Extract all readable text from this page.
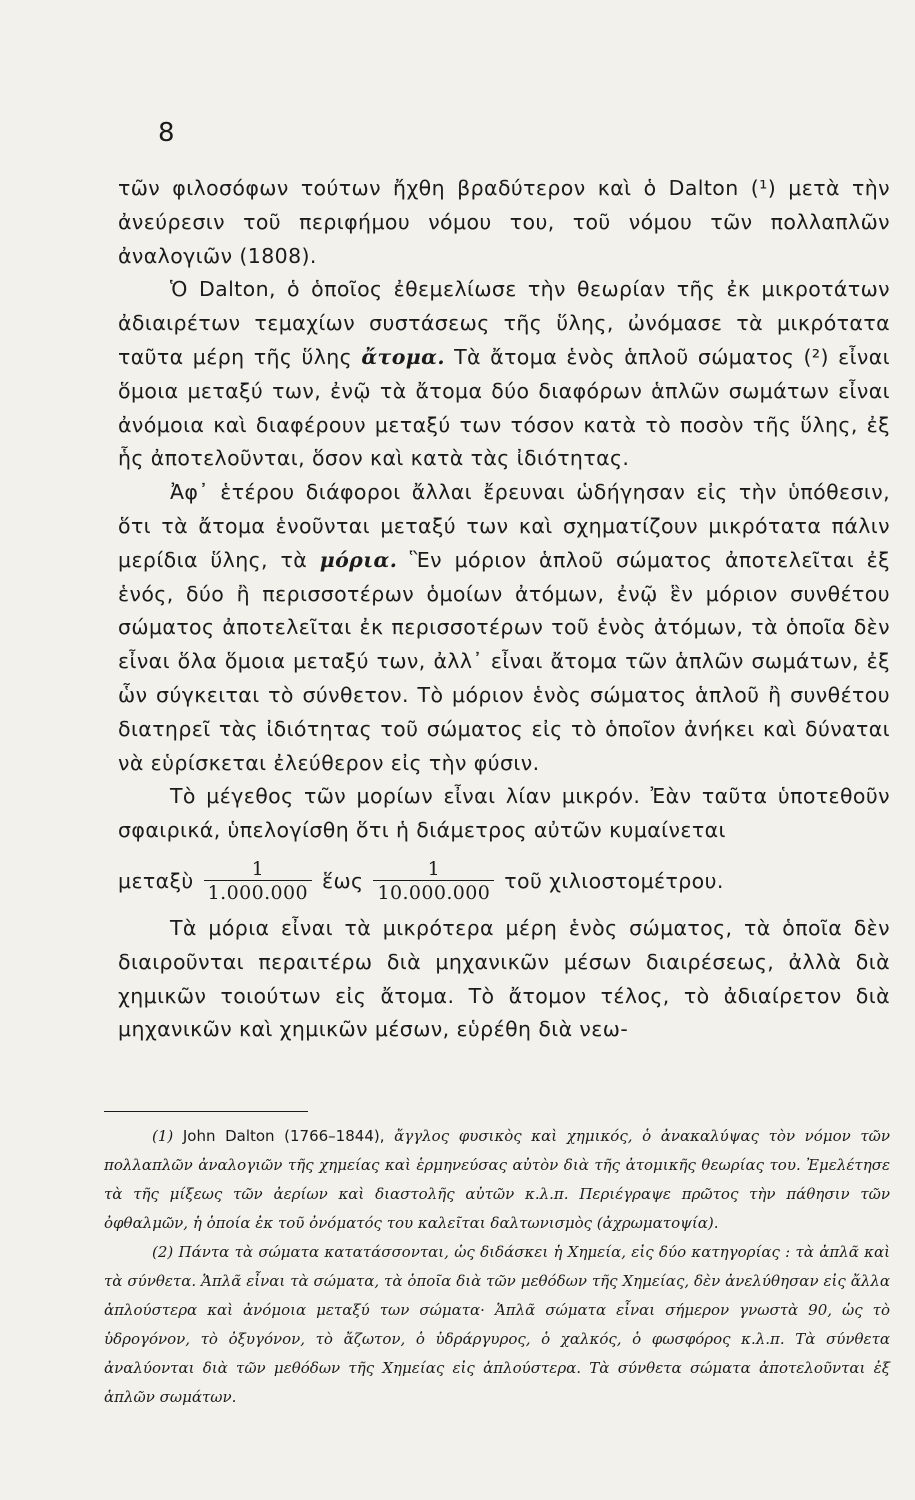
8

τῶν φιλοσόφων τούτων ἤχθη βραδύτερον καὶ ὁ Dalton (¹) μετὰ τὴν ἀνεύρεσιν τοῦ περιφήμου νόμου του, τοῦ νόμου τῶν πολλαπλῶν ἀναλογιῶν (1808).

Ὁ Dalton, ὁ ὁποῖος ἐθεμελίωσε τὴν θεωρίαν τῆς ἐκ μικροτάτων ἀδιαιρέτων τεμαχίων συστάσεως τῆς ὕλης, ὠνόμασε τὰ μικρότατα ταῦτα μέρη τῆς ὕλης ἄτομα. Τὰ ἄτομα ἑνὸς ἁπλοῦ σώματος (²) εἶναι ὅμοια μεταξύ των, ἐνῷ τὰ ἄτομα δύο διαφόρων ἁπλῶν σωμάτων εἶναι ἀνόμοια καὶ διαφέρουν μεταξύ των τόσον κατὰ τὸ ποσὸν τῆς ὕλης, ἐξ ἧς ἀποτελοῦνται, ὅσον καὶ κατὰ τὰς ἰδιότητας.

Ἀφ᾽ ἑτέρου διάφοροι ἄλλαι ἔρευναι ὡδήγησαν εἰς τὴν ὑπόθεσιν, ὅτι τὰ ἄτομα ἑνοῦνται μεταξύ των καὶ σχηματίζουν μικρότατα πάλιν μερίδια ὕλης, τὰ μόρια. Ἓν μόριον ἁπλοῦ σώματος ἀποτελεῖται ἐξ ἑνός, δύο ἢ περισσοτέρων ὁμοίων ἀτόμων, ἐνῷ ἓν μόριον συνθέτου σώματος ἀποτελεῖται ἐκ περισσοτέρων τοῦ ἑνὸς ἀτόμων, τὰ ὁποῖα δὲν εἶναι ὅλα ὅμοια μεταξύ των, ἀλλ᾽ εἶναι ἄτομα τῶν ἁπλῶν σωμάτων, ἐξ ὧν σύγκειται τὸ σύνθετον. Τὸ μόριον ἑνὸς σώματος ἁπλοῦ ἢ συνθέτου διατηρεῖ τὰς ἰδιότητας τοῦ σώματος εἰς τὸ ὁποῖον ἀνήκει καὶ δύναται νὰ εὑρίσκεται ἐλεύθερον εἰς τὴν φύσιν.

Τὸ μέγεθος τῶν μορίων εἶναι λίαν μικρόν. Ἐὰν ταῦτα ὑποτεθοῦν σφαιρικά, ὑπελογίσθη ὅτι ἡ διάμετρος αὐτῶν κυμαίνεται

μεταξὺ $\frac{1}{1.000.000}$ ἕως $\frac{1}{10.000.000}$ τοῦ χιλιοστομέτρου.

Τὰ μόρια εἶναι τὰ μικρότερα μέρη ἑνὸς σώματος, τὰ ὁποῖα δὲν διαιροῦνται περαιτέρω διὰ μηχανικῶν μέσων διαιρέσεως, ἀλλὰ διὰ χημικῶν τοιούτων εἰς ἄτομα. Τὸ ἄτομον τέλος, τὸ ἀδιαίρετον διὰ μηχανικῶν καὶ χημικῶν μέσων, εὑρέθη διὰ νεω-

(1) John Dalton (1766–1844), ἄγγλος φυσικὸς καὶ χημικός, ὁ ἀνακαλύψας τὸν νόμον τῶν πολλαπλῶν ἀναλογιῶν τῆς χημείας καὶ ἑρμηνεύσας αὐτὸν διὰ τῆς ἀτομικῆς θεωρίας του. Ἐμελέτησε τὰ τῆς μίξεως τῶν ἀερίων καὶ διαστολῆς αὐτῶν κ.λ.π. Περιέγραψε πρῶτος τὴν πάθησιν τῶν ὀφθαλμῶν, ἡ ὁποία ἐκ τοῦ ὀνόματός του καλεῖται δαλτωνισμὸς (ἀχρωματοψία).

(2) Πάντα τὰ σώματα κατατάσσονται, ὡς διδάσκει ἡ Χημεία, εἰς δύο κατηγορίας : τὰ ἁπλᾶ καὶ τὰ σύνθετα. Ἁπλᾶ εἶναι τὰ σώματα, τὰ ὁποῖα διὰ τῶν μεθόδων τῆς Χημείας, δὲν ἀνελύθησαν εἰς ἄλλα ἁπλούστερα καὶ ἀνόμοια μεταξύ των σώματα· Ἁπλᾶ σώματα εἶναι σήμερον γνωστὰ 90, ὡς τὸ ὑδρογόνον, τὸ ὀξυγόνον, τὸ ἄζωτον, ὁ ὑδράργυρος, ὁ χαλκός, ὁ φωσφόρος κ.λ.π. Τὰ σύνθετα ἀναλύονται διὰ τῶν μεθόδων τῆς Χημείας εἰς ἁπλούστερα. Τὰ σύνθετα σώματα ἀποτελοῦνται ἐξ ἁπλῶν σωμάτων.
